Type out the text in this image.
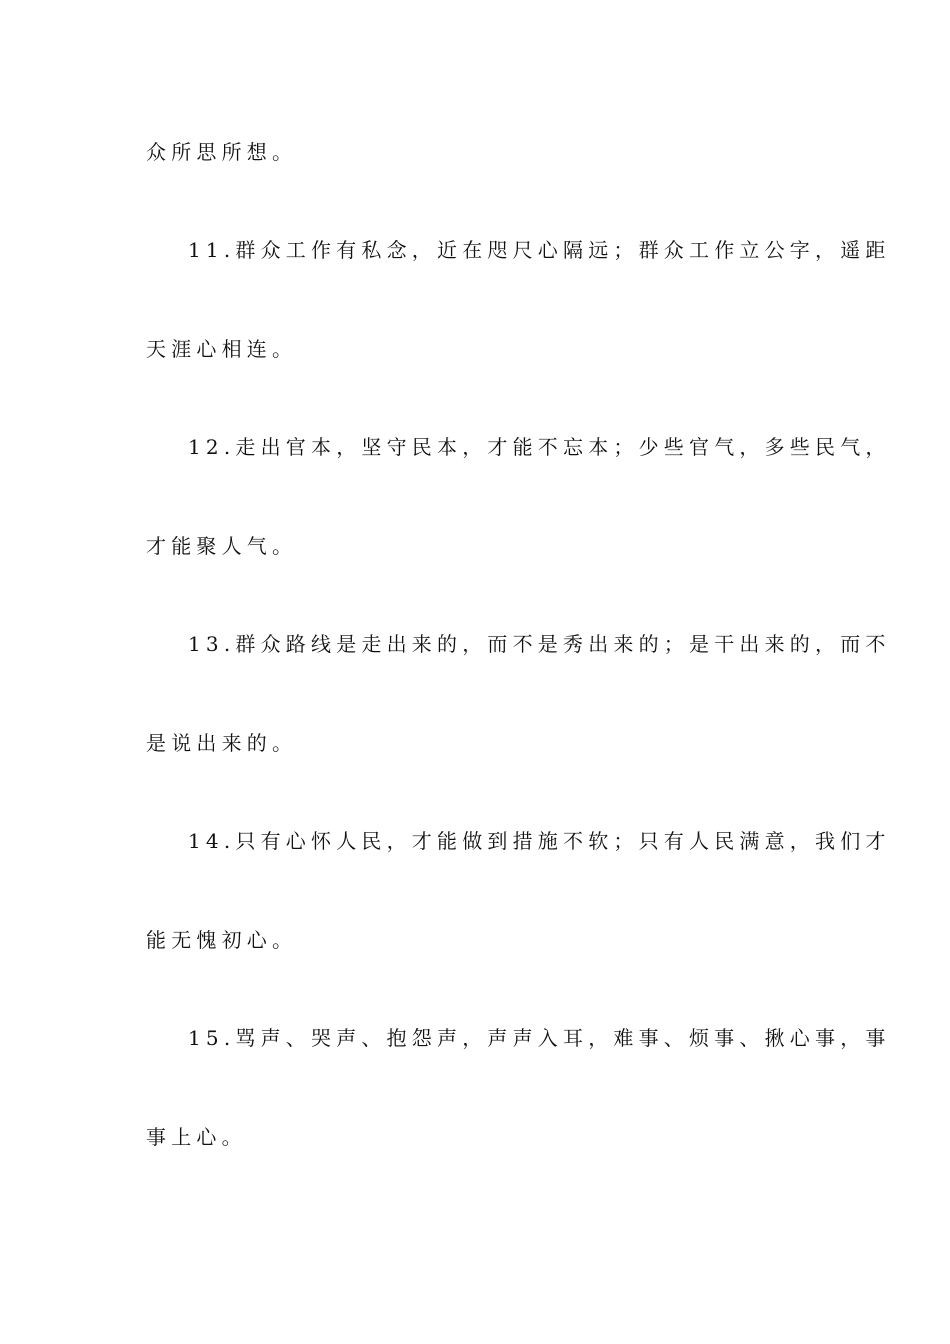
众所思所想。
11.群众工作有私念，近在咫尺心隔远；群众工作立公字，遥距
天涯心相连。
12.走出官本，坚守民本，才能不忘本；少些官气，多些民气，
才能聚人气。
13.群众路线是走出来的，而不是秀出来的；是干出来的，而不
是说出来的。
14.只有心怀人民，才能做到措施不软；只有人民满意，我们才
能无愧初心。
15.骂声、哭声、抱怨声，声声入耳，难事、烦事、揪心事，事
事上心。
